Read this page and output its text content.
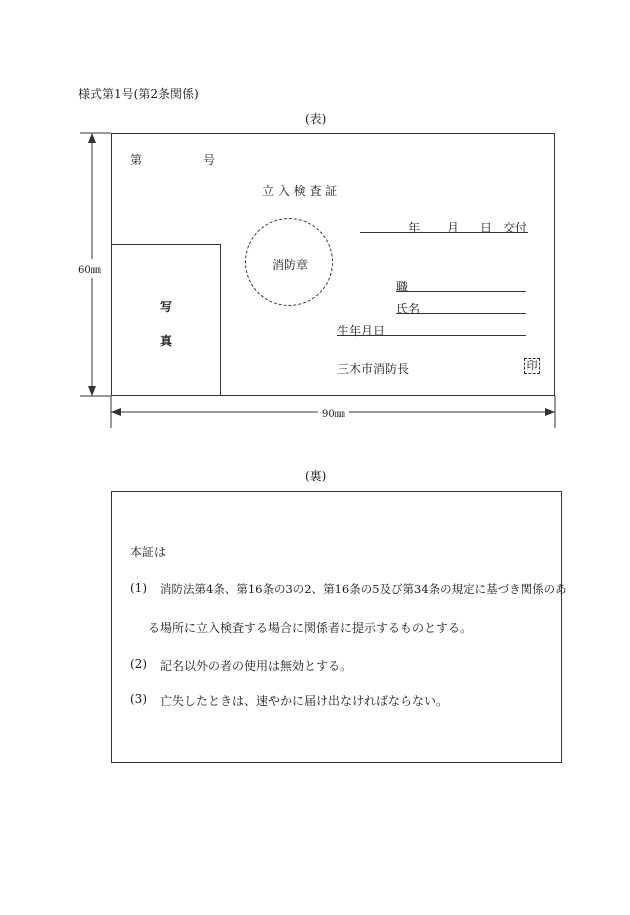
様式第1号(第2条関係)
(表)
60㎜
写
真
第	号
立 入 検 査 証
年 月 日 交付
消防章
職
氏名
生年月日
三木市消防長	印
90㎜
(裏)
本証は
(1) 消防法第4条、第16条の3の2、第16条の5及び第34条の規定に基づき関係のあ
る場所に立入検査する場合に関係者に提示するものとする。
(2) 記名以外の者の使用は無効とする。
(3) 亡失したときは、速やかに届け出なければならない。
